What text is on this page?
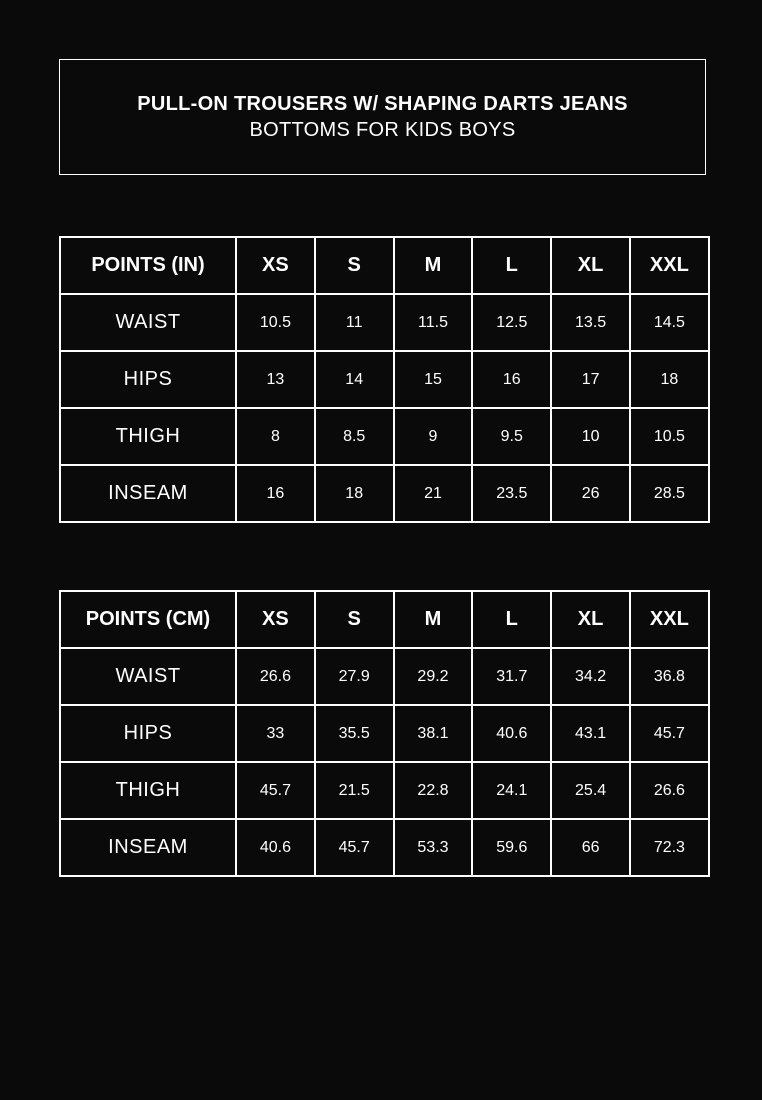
PULL-ON TROUSERS W/ SHAPING DARTS JEANS
BOTTOMS FOR KIDS BOYS
POINTS (IN)	XS	S	M	L	XL	XXL
WAIST	10.5	11	11.5	12.5	13.5	14.5
HIPS	13	14	15	16	17	18
THIGH	8	8.5	9	9.5	10	10.5
INSEAM	16	18	21	23.5	26	28.5
POINTS (CM)	XS	S	M	L	XL	XXL
WAIST	26.6	27.9	29.2	31.7	34.2	36.8
HIPS	33	35.5	38.1	40.6	43.1	45.7
THIGH	45.7	21.5	22.8	24.1	25.4	26.6
INSEAM	40.6	45.7	53.3	59.6	66	72.3
